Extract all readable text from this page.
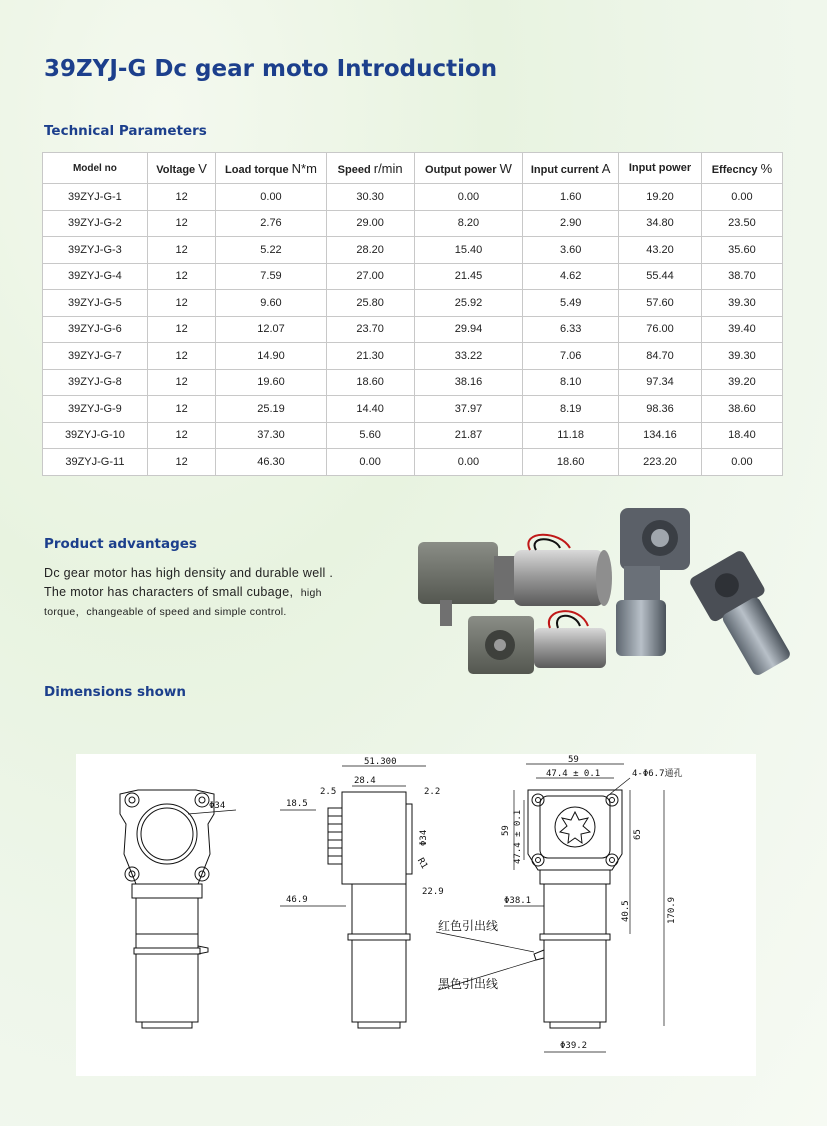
39ZYJ-G Dc gear moto Introduction
Technical Parameters
Model no	Voltage V	Load torque N*m	Speed r/min	Output power W	Input current A	Input power	Effecncy %
39ZYJ-G-1	12	0.00	30.30	0.00	1.60	19.20	0.00
39ZYJ-G-2	12	2.76	29.00	8.20	2.90	34.80	23.50
39ZYJ-G-3	12	5.22	28.20	15.40	3.60	43.20	35.60
39ZYJ-G-4	12	7.59	27.00	21.45	4.62	55.44	38.70
39ZYJ-G-5	12	9.60	25.80	25.92	5.49	57.60	39.30
39ZYJ-G-6	12	12.07	23.70	29.94	6.33	76.00	39.40
39ZYJ-G-7	12	14.90	21.30	33.22	7.06	84.70	39.30
39ZYJ-G-8	12	19.60	18.60	38.16	8.10	97.34	39.20
39ZYJ-G-9	12	25.19	14.40	37.97	8.19	98.36	38.60
39ZYJ-G-10	12	37.30	5.60	21.87	11.18	134.16	18.40
39ZYJ-G-11	12	46.30	0.00	0.00	18.60	223.20	0.00
Product advantages
Dc gear motor has high density and durable well .
The motor has characters of small cubage, high
torque，changeable of speed and simple control.
Dimensions shown
Φ34
51.300
28.4
2.5	2.2
18.5
Φ34
R1
22.9
46.9
59
47.4 ± 0.1	4-Φ6.7通孔
59 47.4 ± 0.1	65
170.9
Φ38.1	40.5
红色引出线
黑色引出线
Φ39.2
